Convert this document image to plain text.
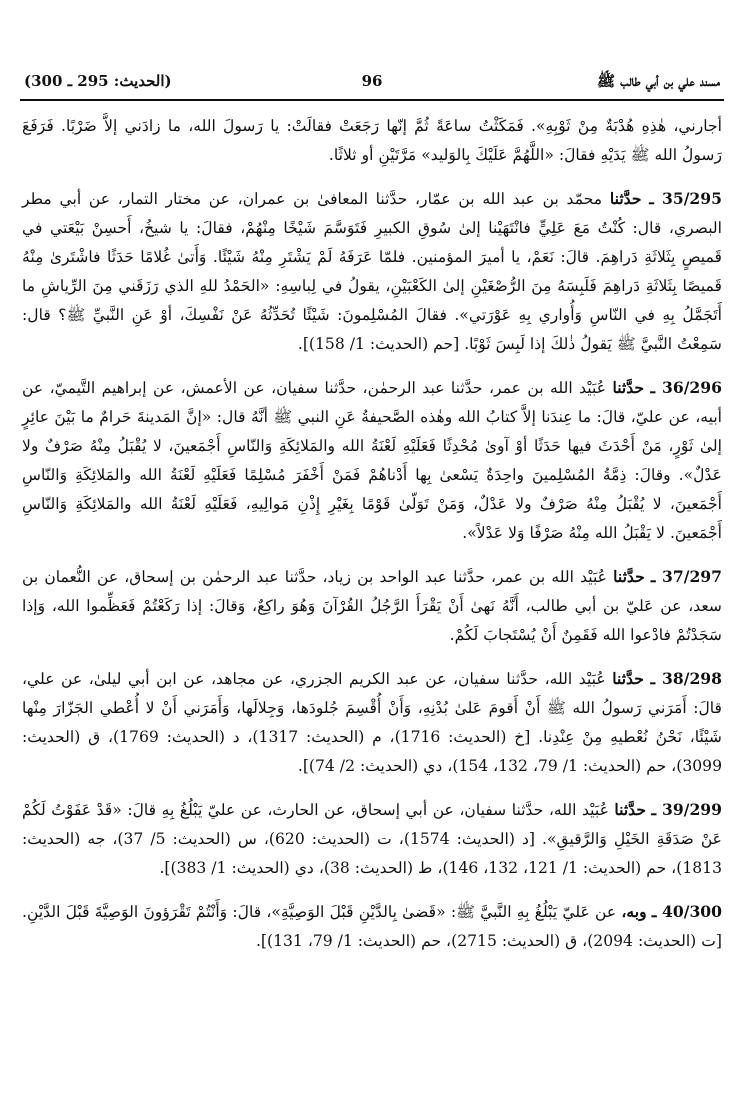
مسند علي بن أبي طالب ﷺ
96
(الحديث: 295 ـ 300)

أجارني، هٰذِهِ هُدْبَةٌ مِنْ ثَوْبِهِ». فَمَكَثْتُ ساعَةً ثُمَّ إنّها رَجَعَتْ فقالَتْ: يا رَسولَ الله، ما زادَني إلاَّ ضَرْبًا. فَرَفَعَ رَسولُ الله ﷺ يَدَيْهِ فقالَ: «اللَّهُمَّ عَلَيْكَ بِالوَليد» مَرَّتَيْنِ أو ثلاثًا.

35/295 ـ حدَّثنا محمّد بن عبد الله بن عمّار، حدَّثنا المعافىٰ بن عمران، عن مختار التمار، عن أبي مطر البصري، قال: كُنْتُ مَعَ عَلِيٍّ فانْتَهَيْنا إلىٰ سُوقِ الكبيرِ فَتَوَسَّمَ شَيْخًا مِنْهُمْ، فقالَ: يا شيخُ، أَحسِنْ بَيْعَتي في قَميصٍ بِثَلاثَةِ دَراهِمَ. قالَ: نَعَمْ، يا أميرَ المؤمنين. فلمّا عَرَفَهُ لَمْ يَشْتَرِ مِنْهُ شَيْئًا. وَأَتىٰ غُلامًا حَدَثًا فاشْتَرىٰ مِنْهُ قَميصًا بِثَلاثَةِ دَراهِمَ فَلَبِسَهُ مِنَ الرُّصْغَيْنِ إلىٰ الكَعْبَيْنِ، يقولُ في لِباسِهِ: «الحَمْدُ للهِ الذي رَزَقَني مِنَ الرِّياشِ ما أَتَجَمَّلُ بِهِ في النّاسِ وَأُواري بِهِ عَوْرَتي». فقالَ المُسْلِمونَ: شَيْئًا تُحَدِّثُهُ عَنْ نَفْسِكَ، أوْ عَنِ النَّبيِّ ﷺ؟ قال: سَمِعْتُ النَّبيَّ ﷺ يَقولُ ذٰلكَ إذا لَبِسَ ثَوْبًا. [حم (الحديث: 1/ 158)].

36/296 ـ حدَّثنا عُبَيْد الله بن عمر، حدَّثنا عبد الرحمٰن، حدَّثنا سفيان، عن الأعمش، عن إبراهيم التَّيميّ، عن أبيه، عن عليّ، قالَ: ما عِندَنا إلاَّ كتابُ الله وهٰذه الصَّحيفةُ عَنِ النبي ﷺ أنَّهُ قال: «إنَّ المَدينةَ حَرامٌ ما بَيْنَ عائِرٍ إلىٰ ثَوْرٍ، مَنْ أَحْدَثَ فيها حَدَثًا أوْ آوىٰ مُحْدِثًا فَعَلَيْهِ لَعْنَةُ الله والمَلائِكَةِ وَالنّاسِ أَجْمَعينَ، لا يُقْبَلُ مِنْهُ صَرْفٌ ولا عَدْلٌ». وقالَ: ذِمَّةُ المُسْلِمينَ واحِدَةٌ يَسْعىٰ بِها أَدْناهُمْ فَمَنْ أَخْفَرَ مُسْلِمًا فَعَلَيْهِ لَعْنَةُ الله والمَلائِكَةِ وَالنّاسِ أَجْمَعينَ، لا يُقْبَلُ مِنْهُ صَرْفٌ ولا عَدْلٌ، وَمَنْ تَوَلّىٰ قَوْمًا بِغَيْرِ إِذْنِ مَوالِيهِ، فَعَلَيْهِ لَعْنَةُ الله والمَلائِكَةِ وَالنّاسِ أَجْمَعينَ. لا يَقْبَلُ الله مِنْهُ صَرْفًا وَلا عَدْلاً».

37/297 ـ حدَّثنا عُبَيْد الله بن عمر، حدَّثنا عبد الواحد بن زياد، حدَّثنا عبد الرحمٰن بن إسحاق، عن النُّعمان بن سعد، عن عَليّ بن أبي طالب، أَنَّهُ نَهىٰ أَنْ يَقْرَأَ الرَّجُلُ القُرْآنَ وَهُوَ راكِعٌ، وَقالَ: إذا رَكَعْتُمْ فَعَظِّموا الله، وَإذا سَجَدْتُمْ فادْعوا الله فَقَمِنٌ أَنْ يُسْتَجابَ لَكُمْ.

38/298 ـ حدَّثنا عُبَيْد الله، حدَّثنا سفيان، عن عبد الكريم الجزري، عن مجاهد، عن ابن أبي ليلىٰ، عن علي، قالَ: أَمَرَني رَسولُ الله ﷺ أَنْ أَقومَ عَلىٰ بُدْنِهِ، وَأَنْ أُقْسِمَ جُلودَها، وَجِلالَها، وَأَمَرَني أَنْ لا أُعْطي الجَزّارَ مِنْها شَيْئًا، نَحْنُ نُعْطيهِ مِنْ عِنْدِنا. [خ (الحديث: 1716)، م (الحديث: 1317)، د (الحديث: 1769)، ق (الحديث: 3099)، حم (الحديث: 1/ 79، 132، 154)، دي (الحديث: 2/ 74)].

39/299 ـ حدَّثنا عُبَيْد الله، حدَّثنا سفيان، عن أبي إسحاق، عن الحارث، عن عليّ يَبْلُغُ بِهِ قالَ: «قَدْ عَفَوْتُ لَكُمْ عَنْ صَدَقَةِ الخَيْلِ وَالرَّقيقِ». [د (الحديث: 1574)، ت (الحديث: 620)، س (الحديث: 5/ 37)، جه (الحديث: 1813)، حم (الحديث: 1/ 121، 132، 146)، ط (الحديث: 38)، دي (الحديث: 1/ 383)].

40/300 ـ وبه، عن عَليّ يَبْلُغُ بِهِ النَّبيَّ ﷺ: «قَضىٰ بِالدَّيْنِ قَبْلَ الوَصِيَّةِ»، قالَ: وَأَنْتُمْ تَقْرَؤونَ الوَصِيَّةَ قَبْلَ الدَّيْنِ. [ت (الحديث: 2094)، ق (الحديث: 2715)، حم (الحديث: 1/ 79، 131)].
